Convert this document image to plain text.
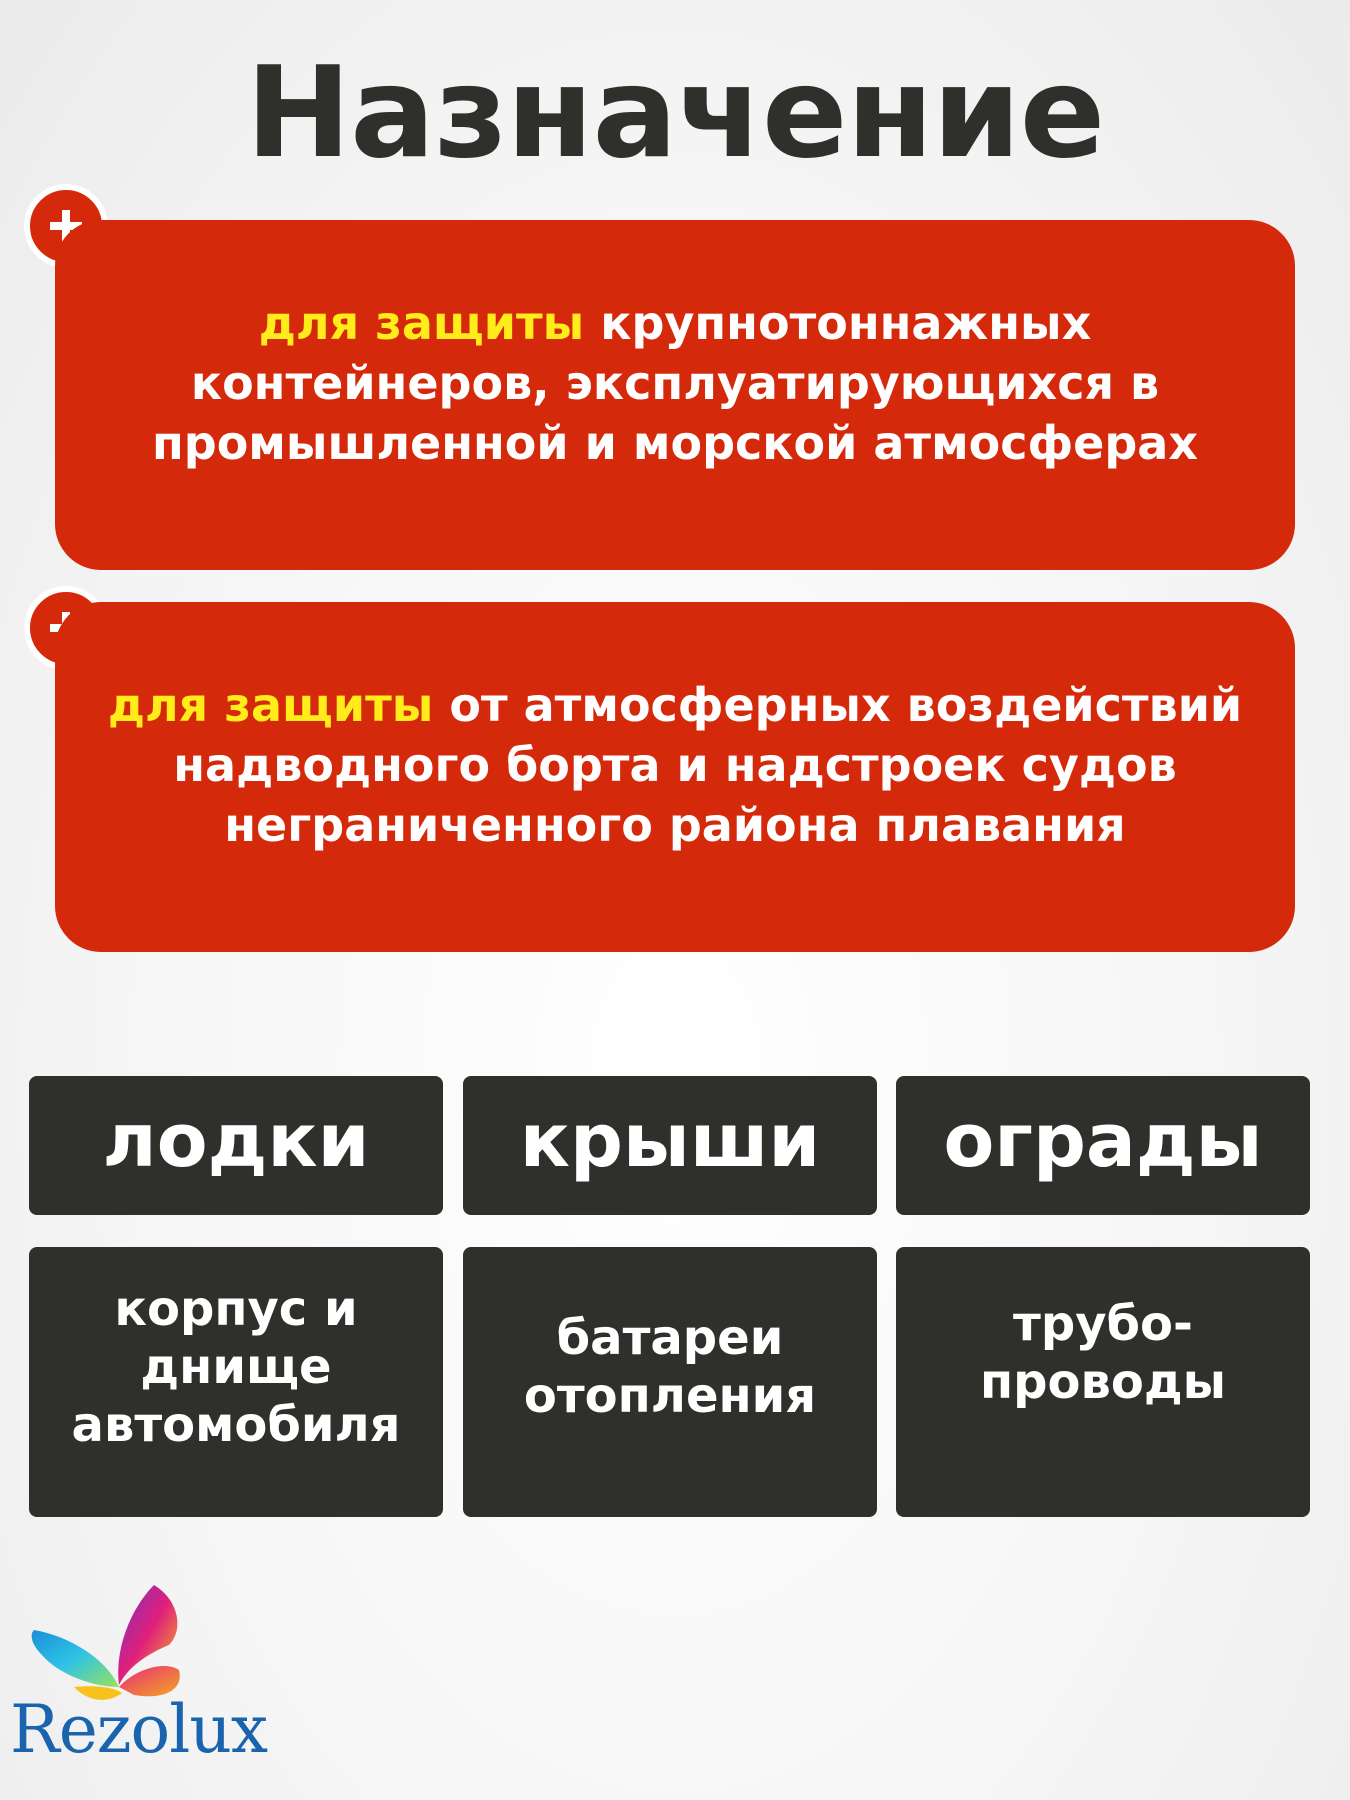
Назначение
для защиты крупнотоннажных контейнеров, эксплуатирующихся в промышленной и морской атмосферах
для защиты от атмосферных воздействий надводного борта и надстроек судов неграниченного района плавания
лодки	крыши	ограды
корпус и
днище
автомобиля
батареи
отопления
трубо-
проводы
Rezolux
